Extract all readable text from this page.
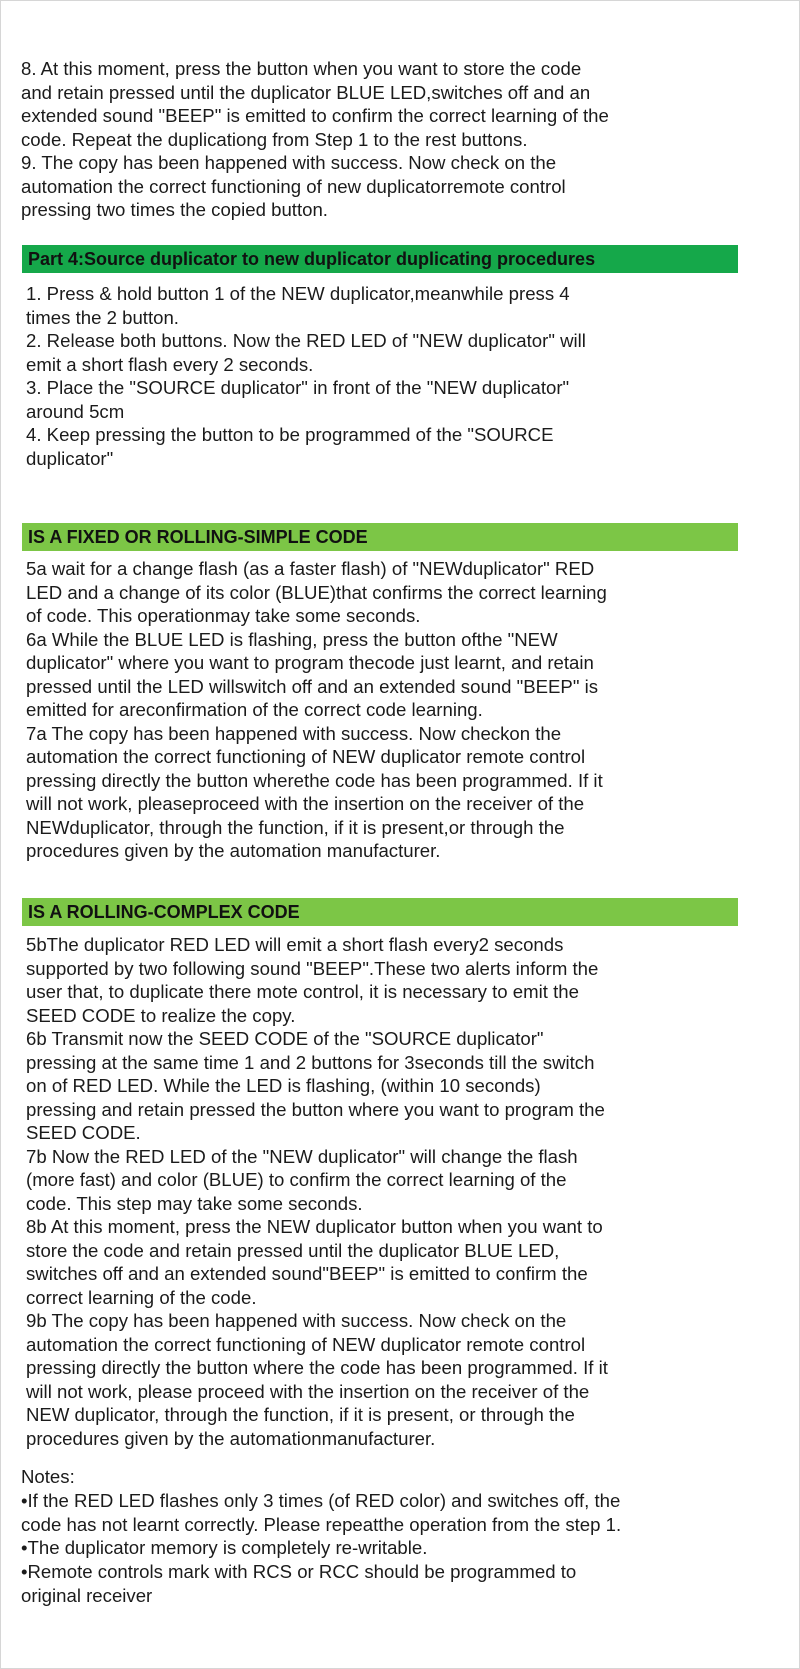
8. At this moment, press the button when you want to store the code
and retain pressed until the duplicator BLUE LED,switches off and an
extended sound "BEEP" is emitted to confirm the correct learning of the
code. Repeat the duplicationg from Step 1 to the rest buttons.
9. The copy has been happened with success. Now check on the
automation the correct functioning of new duplicatorremote control
pressing two times the copied button.

Part 4:Source duplicator to new duplicator duplicating procedures

1. Press & hold button 1 of the NEW duplicator,meanwhile press 4
times the 2 button.
2. Release both buttons. Now the RED LED of "NEW duplicator" will
emit a short flash every 2 seconds.
3. Place the "SOURCE duplicator" in front of the "NEW duplicator"
around 5cm
4. Keep pressing the button to be programmed of the "SOURCE
duplicator"

IS A FIXED OR ROLLING-SIMPLE CODE

5a wait for a change flash (as a faster flash) of "NEWduplicator" RED
LED and a change of its color (BLUE)that confirms the correct learning
of code. This operationmay take some seconds.
6a While the BLUE LED is flashing, press the button ofthe "NEW
duplicator" where you want to program thecode just learnt, and retain
pressed until the LED willswitch off and an extended sound "BEEP" is
emitted for areconfirmation of the correct code learning.
7a The copy has been happened with success. Now checkon the
automation the correct functioning of NEW duplicator remote control
pressing directly the button wherethe code has been programmed. If it
will not work, pleaseproceed with the insertion on the receiver of the
NEWduplicator, through the function, if it is present,or through the
procedures given by the automation manufacturer.

IS A ROLLING-COMPLEX CODE

5bThe duplicator RED LED will emit a short flash every2 seconds
supported by two following sound "BEEP".These two alerts inform the
user that, to duplicate there mote control, it is necessary to emit the
SEED CODE to realize the copy.
6b Transmit now the SEED CODE of the "SOURCE duplicator"
pressing at the same time 1 and 2 buttons for 3seconds till the switch
on of RED LED. While the LED is flashing, (within 10 seconds)
pressing and retain pressed the button where you want to program the
SEED CODE.
7b Now the RED LED of the "NEW duplicator" will change the flash
(more fast) and color (BLUE) to confirm the correct learning of the
code. This step may take some seconds.
8b At this moment, press the NEW duplicator button when you want to
store the code and retain pressed until the duplicator BLUE LED,
switches off and an extended sound"BEEP" is emitted to confirm the
correct learning of the code.
9b The copy has been happened with success. Now check on the
automation the correct functioning of NEW duplicator remote control
pressing directly the button where the code has been programmed. If it
will not work, please proceed with the insertion on the receiver of the
NEW duplicator, through the function, if it is present, or through the
procedures given by the automationmanufacturer.

Notes:

•If the RED LED flashes only 3 times (of RED color) and switches off, the
code has not learnt correctly. Please repeatthe operation from the step 1.

•The duplicator memory is completely re-writable.

•Remote controls mark with RCS or RCC should be programmed to
original receiver
